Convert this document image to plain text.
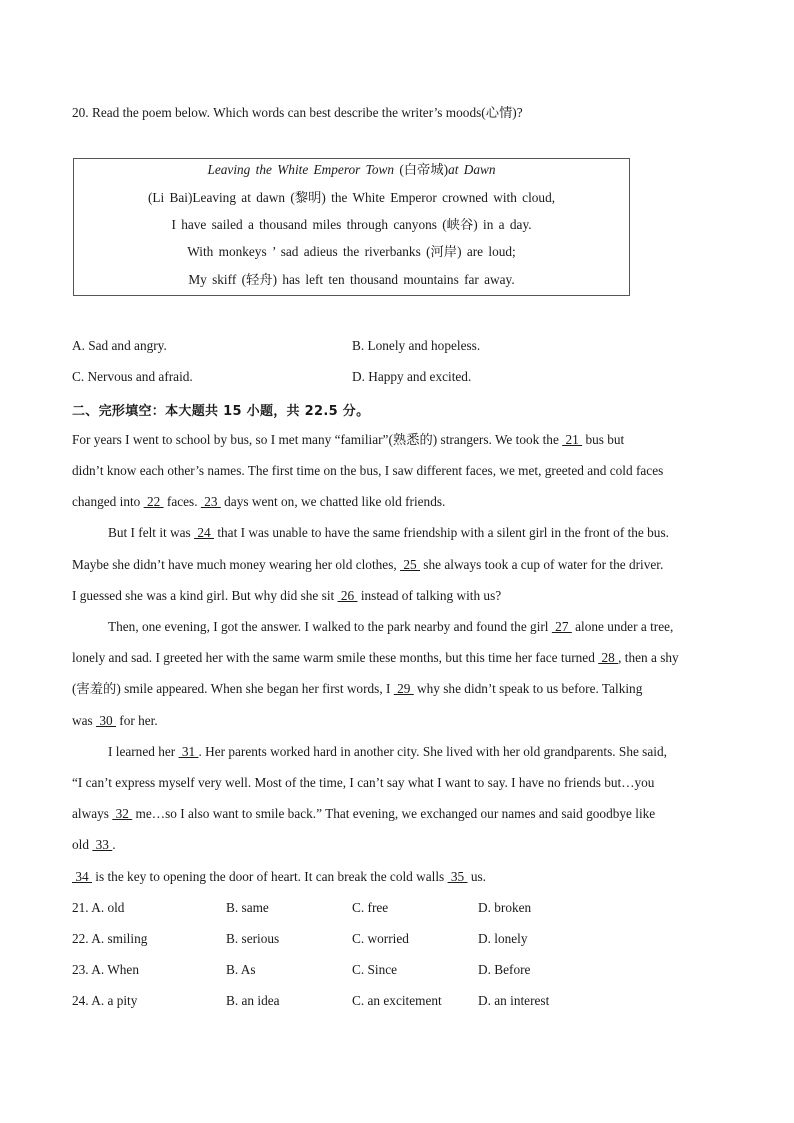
20. Read the poem below. Which words can best describe the writer’s moods(心情)?
Leaving the White Emperor Town (白帝城)at Dawn
(Li Bai)Leaving at dawn (黎明) the White Emperor crowned with cloud,
I have sailed a thousand miles through canyons (峡谷) in a day.
With monkeys ’ sad adieus the riverbanks (河岸) are loud;
My skiff (轻舟) has left ten thousand mountains far away.
A. Sad and angry.	B. Lonely and hopeless.
C. Nervous and afraid.	D. Happy and excited.
二、完形填空：本大题共 15 小题，共 22.5 分。
For years I went to school by bus, so I met many “familiar”(熟悉的) strangers. We took the  21  bus but
didn’t know each other’s names. The first time on the bus, I saw different faces, we met, greeted and cold faces
changed into  22  faces.  23  days went on, we chatted like old friends.
But I felt it was  24  that I was unable to have the same friendship with a silent girl in the front of the bus.
Maybe she didn’t have much money wearing her old clothes,  25  she always took a cup of water for the driver.
I guessed she was a kind girl. But why did she sit  26  instead of talking with us?
Then, one evening, I got the answer. I walked to the park nearby and found the girl  27  alone under a tree,
lonely and sad. I greeted her with the same warm smile these months, but this time her face turned  28 , then a shy
(害羞的) smile appeared. When she began her first words, I  29  why she didn’t speak to us before. Talking
was  30  for her.
I learned her  31 . Her parents worked hard in another city. She lived with her old grandparents. She said,
“I can’t express myself very well. Most of the time, I can’t say what I want to say. I have no friends but…you
always  32  me…so I also want to smile back.” That evening, we exchanged our names and said goodbye like
old  33 .
34  is the key to opening the door of heart. It can break the cold walls  35  us.
21. A. old	B. same	C. free	D. broken
22. A. smiling	B. serious	C. worried	D. lonely
23. A. When	B. As	C. Since	D. Before
24. A. a pity	B. an idea	C. an excitement	D. an interest
